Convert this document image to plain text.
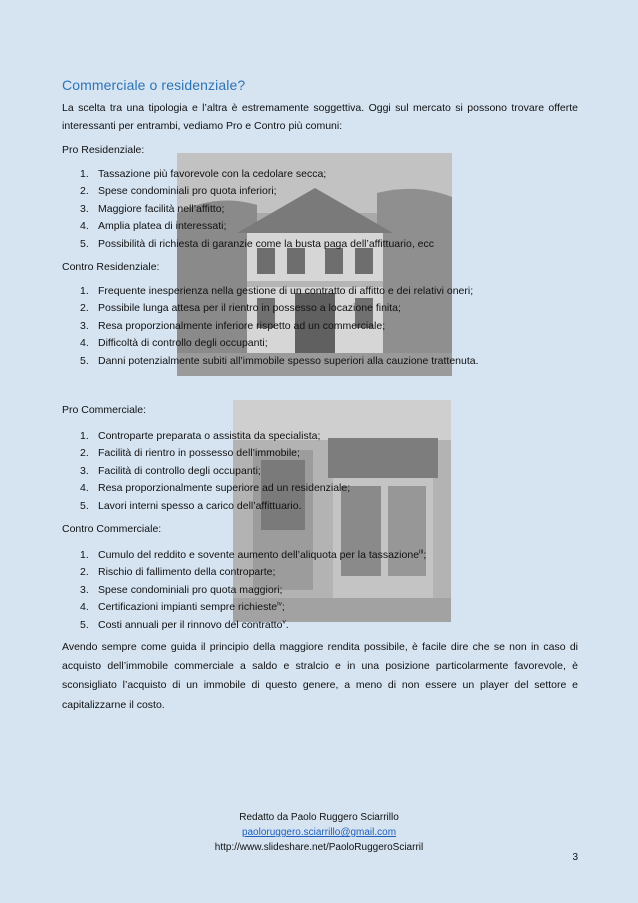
Commerciale o residenziale?

La scelta tra una tipologia e l’altra è estremamente soggettiva. Oggi sul mercato si possono trovare offerte interessanti per entrambi, vediamo Pro e Contro più comuni:

Pro Residenziale:

1. Tassazione più favorevole con la cedolare secca;
2. Spese condominiali pro quota inferiori;
3. Maggiore facilità nell’affitto;
4. Amplia platea di interessati;
5. Possibilità di richiesta di garanzie come la busta paga dell’affittuario, ecc

Contro Residenziale:

1. Frequente inesperienza nella gestione di un contratto di affitto e dei relativi oneri;
2. Possibile lunga attesa per il rientro in possesso a locazione finita;
3. Resa proporzionalmente inferiore rispetto ad un commerciale;
4. Difficoltà di controllo degli occupanti;
5. Danni potenzialmente subiti all’immobile spesso superiori alla cauzione trattenuta.

Pro Commerciale:

1. Controparte preparata o assistita da specialista;
2. Facilità di rientro in possesso dell’immobile;
3. Facilità di controllo degli occupanti;
4. Resa proporzionalmente superiore ad un residenziale;
5. Lavori interni spesso a carico dell’affittuario.

Contro Commerciale:

1. Cumulo del reddito e sovente aumento dell’aliquota per la tassazione$^{iii}$;
2. Rischio di fallimento della controparte;
3. Spese condominiali pro quota maggiori;
4. Certificazioni impianti sempre richieste$^{iv}$;
5. Costi annuali per il rinnovo del contratto$^v$.

Avendo sempre come guida il principio della maggiore rendita possibile, è facile dire che se non in caso di acquisto dell’immobile commerciale a saldo e stralcio e in una posizione particolarmente favorevole, è sconsigliato l’acquisto di un immobile di questo genere, a meno di non essere un player del settore e capitalizzarne il costo.

Redatto da Paolo Ruggero Sciarrillo
paoloruggero.sciarrillo@gmail.com
http://www.slideshare.net/PaoloRuggeroSciarril
3
